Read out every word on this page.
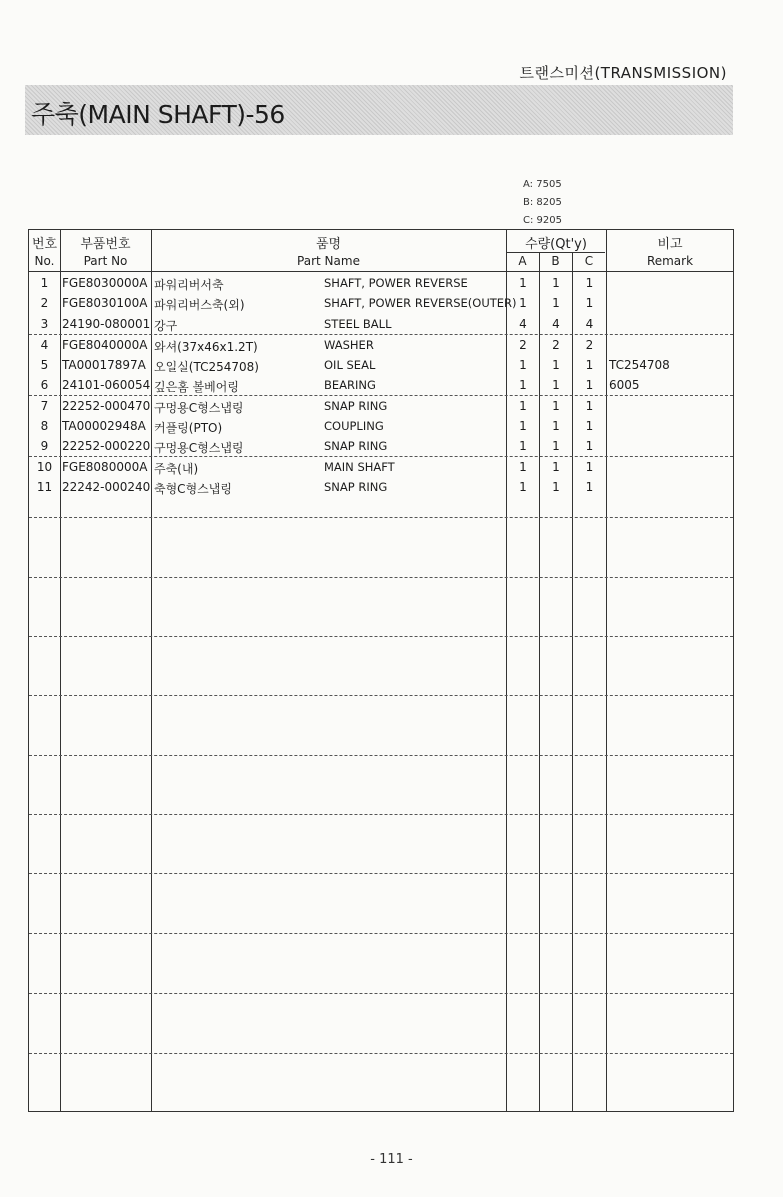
트랜스미션(TRANSMISSION)
주축(MAIN SHAFT)-56
A: 7505
B: 8205
C: 9205
번호
No.
부품번호
Part No
품명
Part Name
수량(Qt'y)
A	B	C
비고
Remark
1	FGE8030000A 파워리버서축	SHAFT, POWER REVERSE	1	1	1
2	FGE8030100A 파워리버스축(외)	SHAFT, POWER REVERSE(OUTER) 1	1	1
3	24190-080001 강구	STEEL BALL	4	4	4
4	FGE8040000A 와셔(37x46x1.2T)	WASHER	2	2	2
5	TA00017897A 오일실(TC254708)	OIL SEAL	1	1	1	TC254708
6	24101-060054 깊은홈 볼베어링	BEARING	1	1	1	6005
7	22252-000470 구멍용C형스냅링	SNAP RING	1	1	1
8	TA00002948A 커플링(PTO)	COUPLING	1	1	1
9	22252-000220 구멍용C형스냅링	SNAP RING	1	1	1
10 FGE8080000A 주축(내)	MAIN SHAFT	1	1	1
11 22242-000240 축형C형스냅링	SNAP RING	1	1	1
- 111 -
